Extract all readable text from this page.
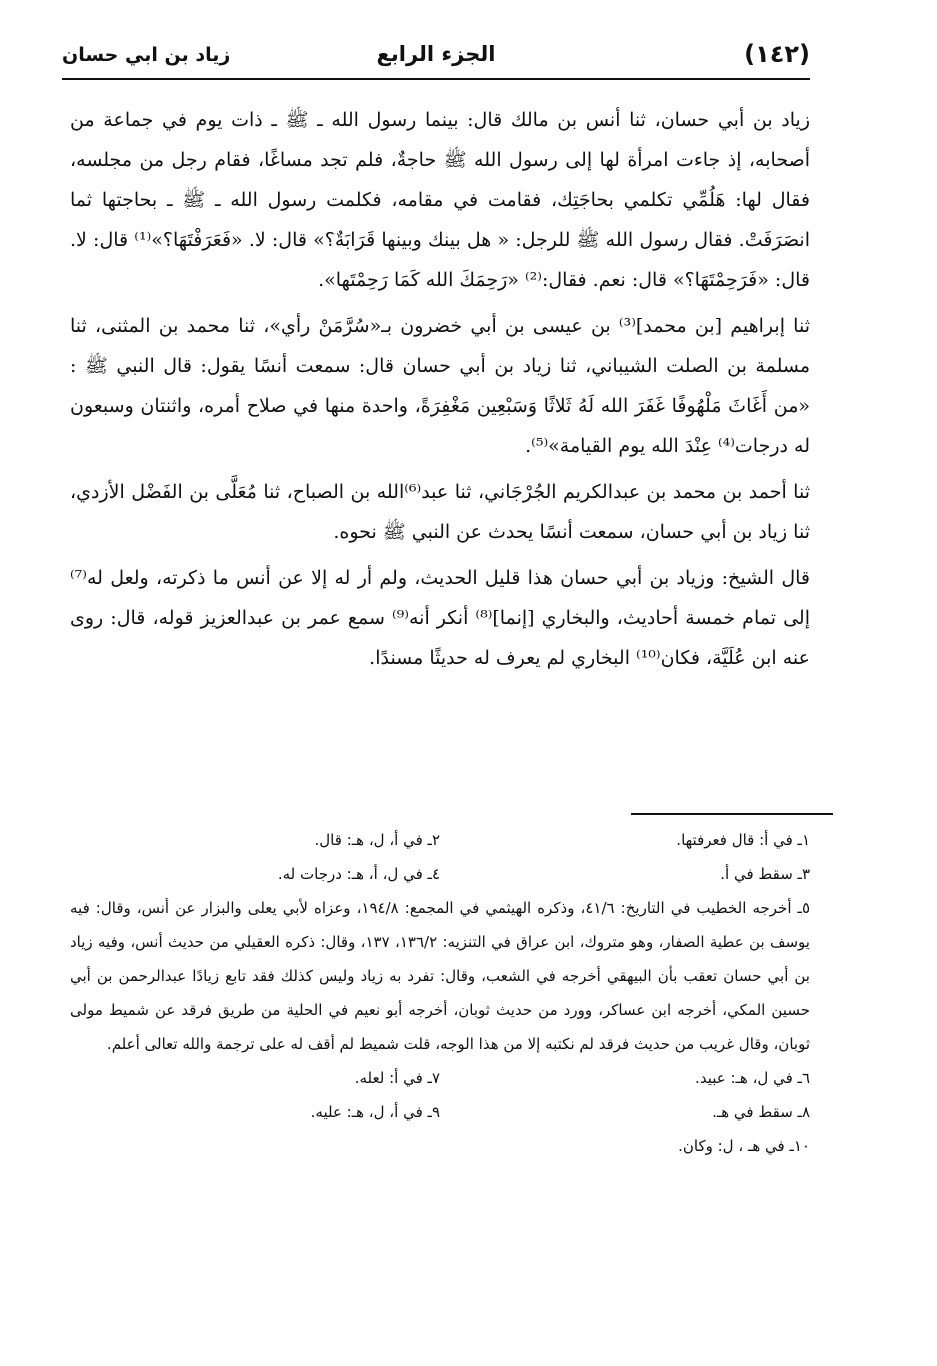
(١٤٢)
الجزء الرابع
زياد بن ابي حسان

زياد بن أبي حسان، ثنا أنس بن مالك قال: بينما رسول الله ـ ﷺ ـ ذات يوم في جماعة من أصحابه، إذ جاءت امرأة لها إلى رسول الله ﷺ حاجةٌ، فلم تجد مساغًا، فقام رجل من مجلسه، فقال لها: هَلُمِّي تكلمي بحاجَتِك، فقامت في مقامه، فكلمت رسول الله ـ ﷺ ـ بحاجتها ثما انصَرَفَتْ. فقال رسول الله ﷺ للرجل: « هل بينك وبينها قَرَابَةٌ؟» قال: لا. «فَعَرَفْتَهَا؟»⁽¹⁾ قال: لا. قال: «فَرَحِمْتَهَا؟» قال: نعم. فقال:⁽²⁾ «رَحِمَكَ الله كَمَا رَحِمْتَها».

ثنا إبراهيم [بن محمد]⁽³⁾ بن عيسى بن أبي خضرون بـ«سُرَّمَنْ رأي»، ثنا محمد بن المثنى، ثنا مسلمة بن الصلت الشيباني، ثنا زياد بن أبي حسان قال: سمعت أنسًا يقول: قال النبي ﷺ : «من أَغَاثَ مَلْهُوفًا غَفَرَ الله لَهُ ثَلاثًا وَسَبْعِين مَغْفِرَةً، واحدة منها في صلاح أمره، واثنتان وسبعون له درجات⁽⁴⁾ عِنْدَ الله يوم القيامة»⁽⁵⁾.

ثنا أحمد بن محمد بن عبدالكريم الجُرْجَاني، ثنا عبد⁽⁶⁾الله بن الصباح، ثنا مُعَلَّى بن الفَضْل الأزدي، ثنا زياد بن أبي حسان، سمعت أنسًا يحدث عن النبي ﷺ نحوه.

قال الشيخ: وزياد بن أبي حسان هذا قليل الحديث، ولم أر له إلا عن أنس ما ذكرته، ولعل له⁽⁷⁾ إلى تمام خمسة أحاديث، والبخاري [إنما]⁽⁸⁾ أنكر أنه⁽⁹⁾ سمع عمر بن عبدالعزيز قوله، قال: روى عنه ابن عُلَيَّة، فكان⁽¹⁰⁾ البخاري لم يعرف له حديثًا مسندًا.

١ـ في أ: قال فعرفتها.
٢ـ في أ، ل، هـ: قال.
٣ـ سقط في أ.
٤ـ في ل، أ، هـ: درجات له.

٥ـ أخرجه الخطيب في التاريخ: ٤١/٦، وذكره الهيثمي في المجمع: ١٩٤/٨، وعزاه لأبي يعلى والبزار عن أنس، وقال: فيه يوسف بن عطية الصفار، وهو متروك، ابن عراق في التنزيه: ١٣٦/٢، ١٣٧، وقال: ذكره العقيلي من حديث أنس، وفيه زياد بن أبي حسان تعقب بأن البيهقي أخرجه في الشعب، وقال: تفرد به زياد وليس كذلك فقد تابع زيادًا عبدالرحمن بن أبي حسين المكي، أخرجه ابن عساكر، وورد من حديث ثوبان، أخرجه أبو نعيم في الحلية من طريق فرقد عن شميط مولى ثوبان، وقال غريب من حديث فرقد لم نكتبه إلا من هذا الوجه، قلت شميط لم أقف له على ترجمة والله تعالى أعلم.

٦ـ في ل، هـ: عبيد.
٧ـ في أ: لعله.
٨ـ سقط في هـ.
٩ـ في أ، ل، هـ: عليه.
١٠ـ في هـ ، ل: وكان.
